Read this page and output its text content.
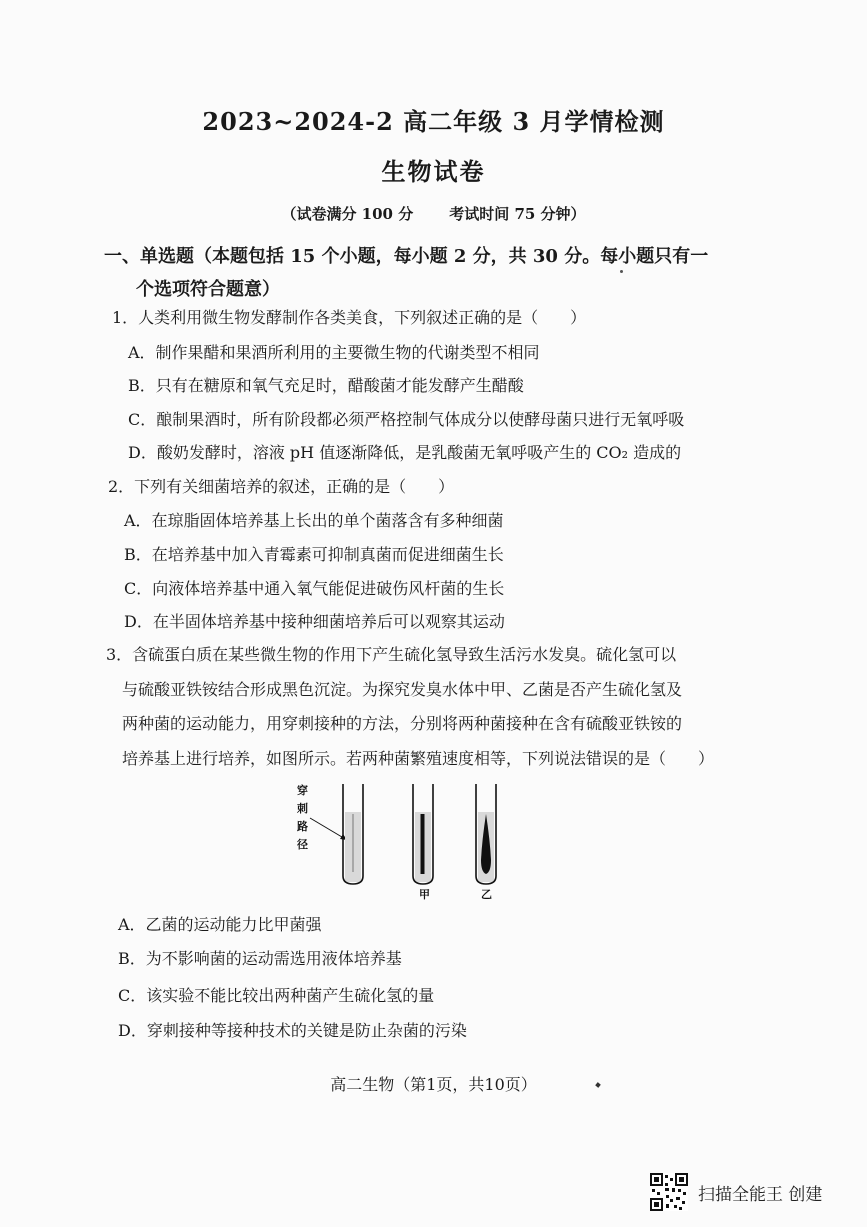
2023~2024-2 高二年级 3 月学情检测
生物试卷
（试卷满分 100 分 考试时间 75 分钟）
一、单选题（本题包括 15 个小题，每小题 2 分，共 30 分。每小题只有一
个选项符合题意）
1．人类利用微生物发酵制作各类美食，下列叙述正确的是（　　）
A．制作果醋和果酒所利用的主要微生物的代谢类型不相同
B．只有在糖原和氧气充足时，醋酸菌才能发酵产生醋酸
C．酿制果酒时，所有阶段都必须严格控制气体成分以使酵母菌只进行无氧呼吸
D．酸奶发酵时，溶液 pH 值逐渐降低，是乳酸菌无氧呼吸产生的 CO₂ 造成的
2．下列有关细菌培养的叙述，正确的是（　　）
A．在琼脂固体培养基上长出的单个菌落含有多种细菌
B．在培养基中加入青霉素可抑制真菌而促进细菌生长
C．向液体培养基中通入氧气能促进破伤风杆菌的生长
D．在半固体培养基中接种细菌培养后可以观察其运动
3．含硫蛋白质在某些微生物的作用下产生硫化氢导致生活污水发臭。硫化氢可以
与硫酸亚铁铵结合形成黑色沉淀。为探究发臭水体中甲、乙菌是否产生硫化氢及
两种菌的运动能力，用穿刺接种的方法，分别将两种菌接种在含有硫酸亚铁铵的
培养基上进行培养，如图所示。若两种菌繁殖速度相等，下列说法错误的是（　　）
穿
刺
路
径
甲	乙
A．乙菌的运动能力比甲菌强
B．为不影响菌的运动需选用液体培养基
C．该实验不能比较出两种菌产生硫化氢的量
D．穿刺接种等接种技术的关键是防止杂菌的污染
高二生物（第1页，共10页）
扫描全能王 创建
